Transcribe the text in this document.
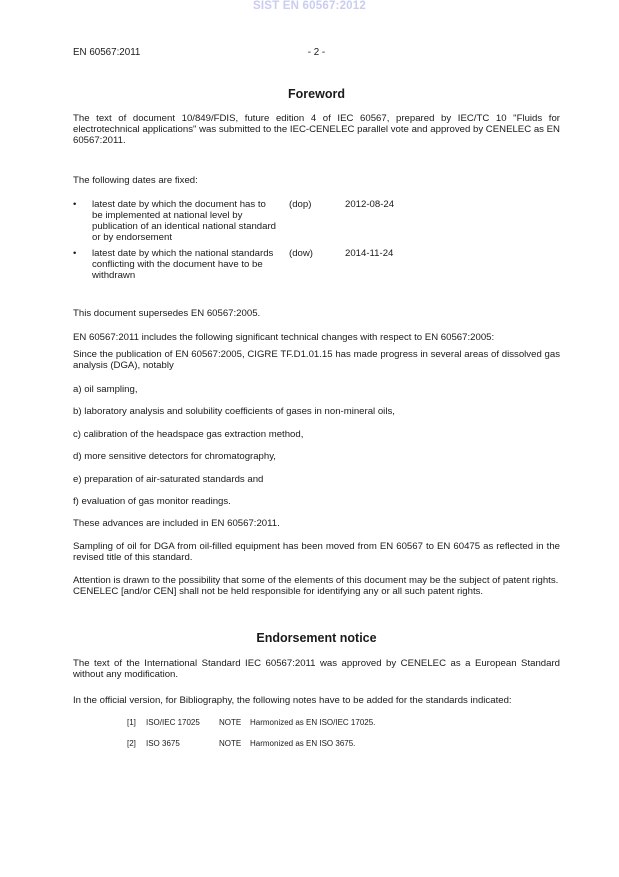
SIST EN 60567:2012
EN 60567:2011	- 2 -
Foreword

The text of document 10/849/FDIS, future edition 4 of IEC 60567, prepared by IEC/TC 10 "Fluids for electrotechnical applications" was submitted to the IEC-CENELEC parallel vote and approved by CENELEC as EN 60567:2011.

The following dates are fixed:

• latest date by which the document has to be implemented at national level by publication of an identical national standard or by endorsement
(dop)	2012-08-24
• latest date by which the national standards conflicting with the document have to be withdrawn
(dow)	2014-11-24

This document supersedes EN 60567:2005.

EN 60567:2011 includes the following significant technical changes with respect to EN 60567:2005:

Since the publication of EN 60567:2005, CIGRE TF.D1.01.15 has made progress in several areas of dissolved gas analysis (DGA), notably

a) oil sampling,

b) laboratory analysis and solubility coefficients of gases in non-mineral oils,

c) calibration of the headspace gas extraction method,

d) more sensitive detectors for chromatography,

e) preparation of air-saturated standards and

f) evaluation of gas monitor readings.

These advances are included in EN 60567:2011.

Sampling of oil for DGA from oil-filled equipment has been moved from EN 60567 to EN 60475 as reflected in the revised title of this standard.

Attention is drawn to the possibility that some of the elements of this document may be the subject of patent rights. CENELEC [and/or CEN] shall not be held responsible for identifying any or all such patent rights.

Endorsement notice

The text of the International Standard IEC 60567:2011 was approved by CENELEC as a European Standard without any modification.

In the official version, for Bibliography, the following notes have to be added for the standards indicated:

[1] ISO/IEC 17025 NOTE Harmonized as EN ISO/IEC 17025.
[2] ISO 3675	NOTE Harmonized as EN ISO 3675.
